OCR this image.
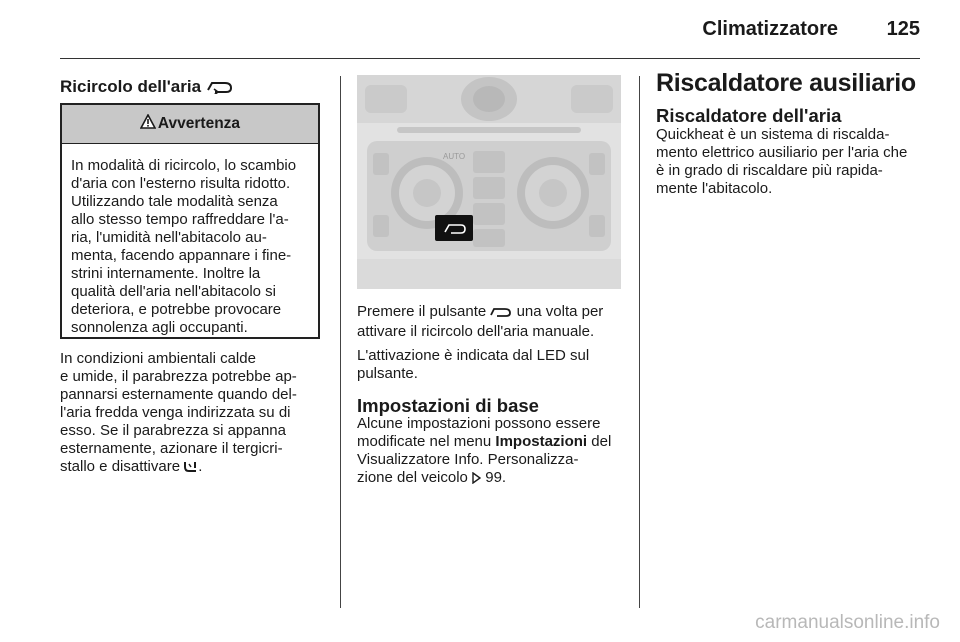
Climatizzatore 125
Ricircolo dell'aria
Avvertenza
In modalità di ricircolo, lo scambio
d'aria con l'esterno risulta ridotto.
Utilizzando tale modalità senza
allo stesso tempo raffreddare l'a-
ria, l'umidità nell'abitacolo au-
menta, facendo appannare i fine-
strini internamente. Inoltre la
qualità dell'aria nell'abitacolo si
deteriora, e potrebbe provocare
sonnolenza agli occupanti.
In condizioni ambientali calde
e umide, il parabrezza potrebbe ap-
pannarsi esternamente quando del-
l'aria fredda venga indirizzata su di
esso. Se il parabrezza si appanna
esternamente, azionare il tergicri-
stallo e disattivare .
AUTO
Premere il pulsante una volta per
attivare il ricircolo dell'aria manuale.
L'attivazione è indicata dal LED sul
pulsante.
Impostazioni di base
Alcune impostazioni possono essere
modificate nel menu Impostazioni del
Visualizzatore Info. Personalizza-
zione del veicolo 99.
Riscaldatore ausiliario
Riscaldatore dell'aria
Quickheat è un sistema di riscalda-
mento elettrico ausiliario per l'aria che
è in grado di riscaldare più rapida-
mente l'abitacolo.
carmanualsonline.info
